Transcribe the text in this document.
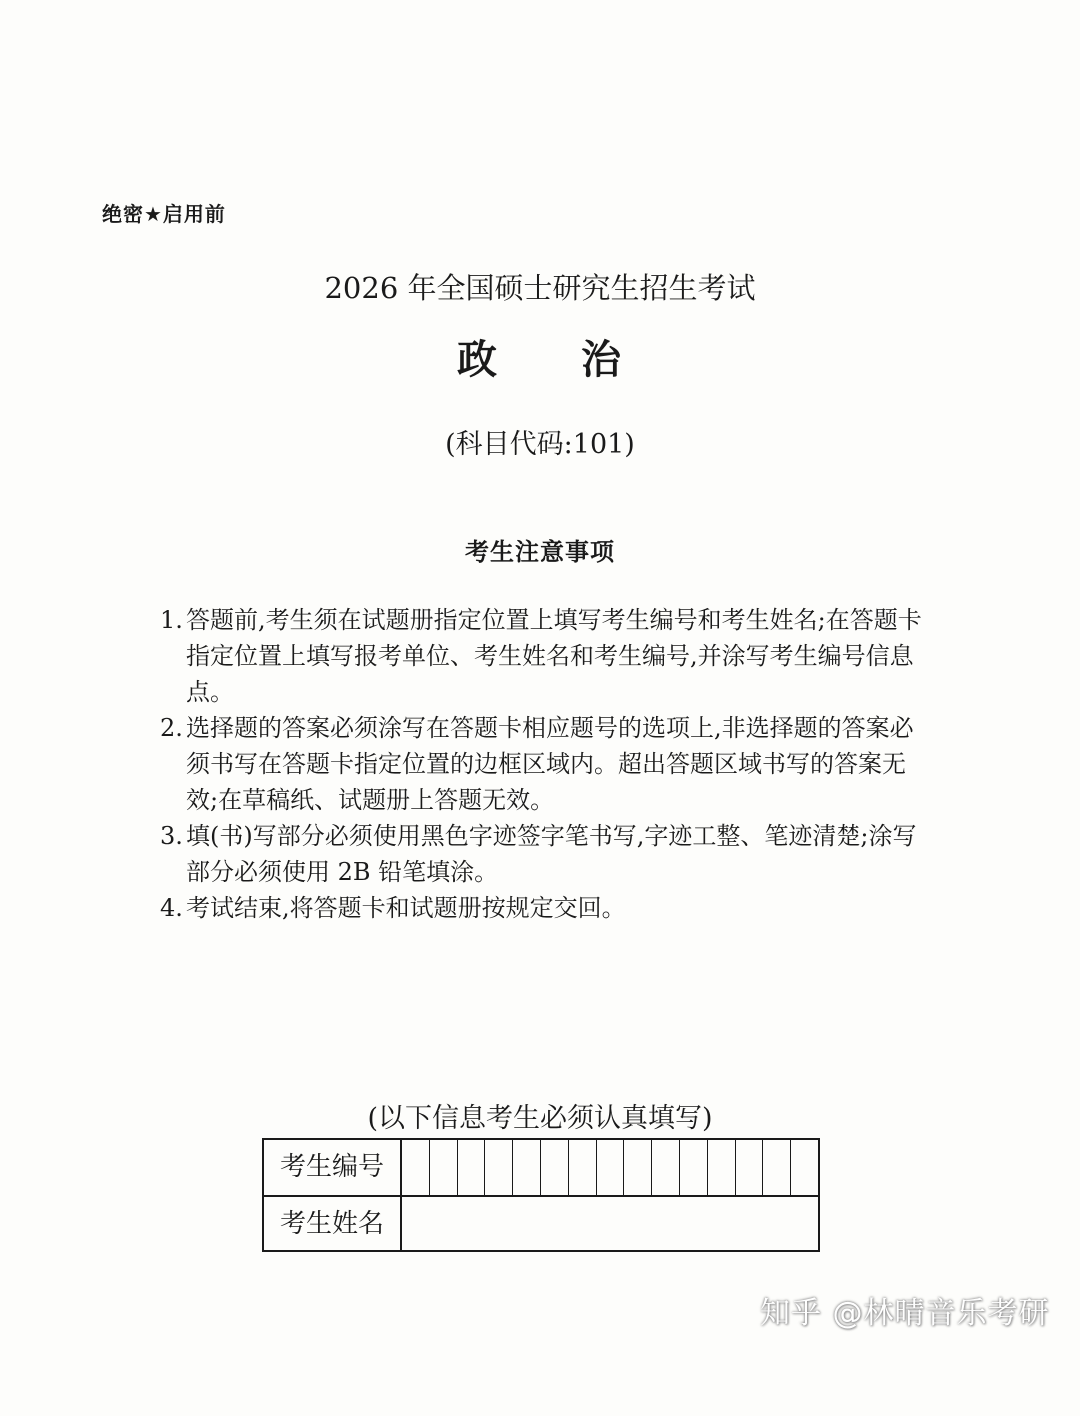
绝密★启用前
2026 年全国硕士研究生招生考试
政 治
(科目代码:101)
考生注意事项
1. 答题前,考生须在试题册指定位置上填写考生编号和考生姓名;在答题卡指定位置上填写报考单位、考生姓名和考生编号,并涂写考生编号信息点。
2. 选择题的答案必须涂写在答题卡相应题号的选项上,非选择题的答案必须书写在答题卡指定位置的边框区域内。超出答题区域书写的答案无效;在草稿纸、试题册上答题无效。
3. 填(书)写部分必须使用黑色字迹签字笔书写,字迹工整、笔迹清楚;涂写部分必须使用 2B 铅笔填涂。
4. 考试结束,将答题卡和试题册按规定交回。
(以下信息考生必须认真填写)
考生编号
考生姓名
知乎 @林晴音乐考研
